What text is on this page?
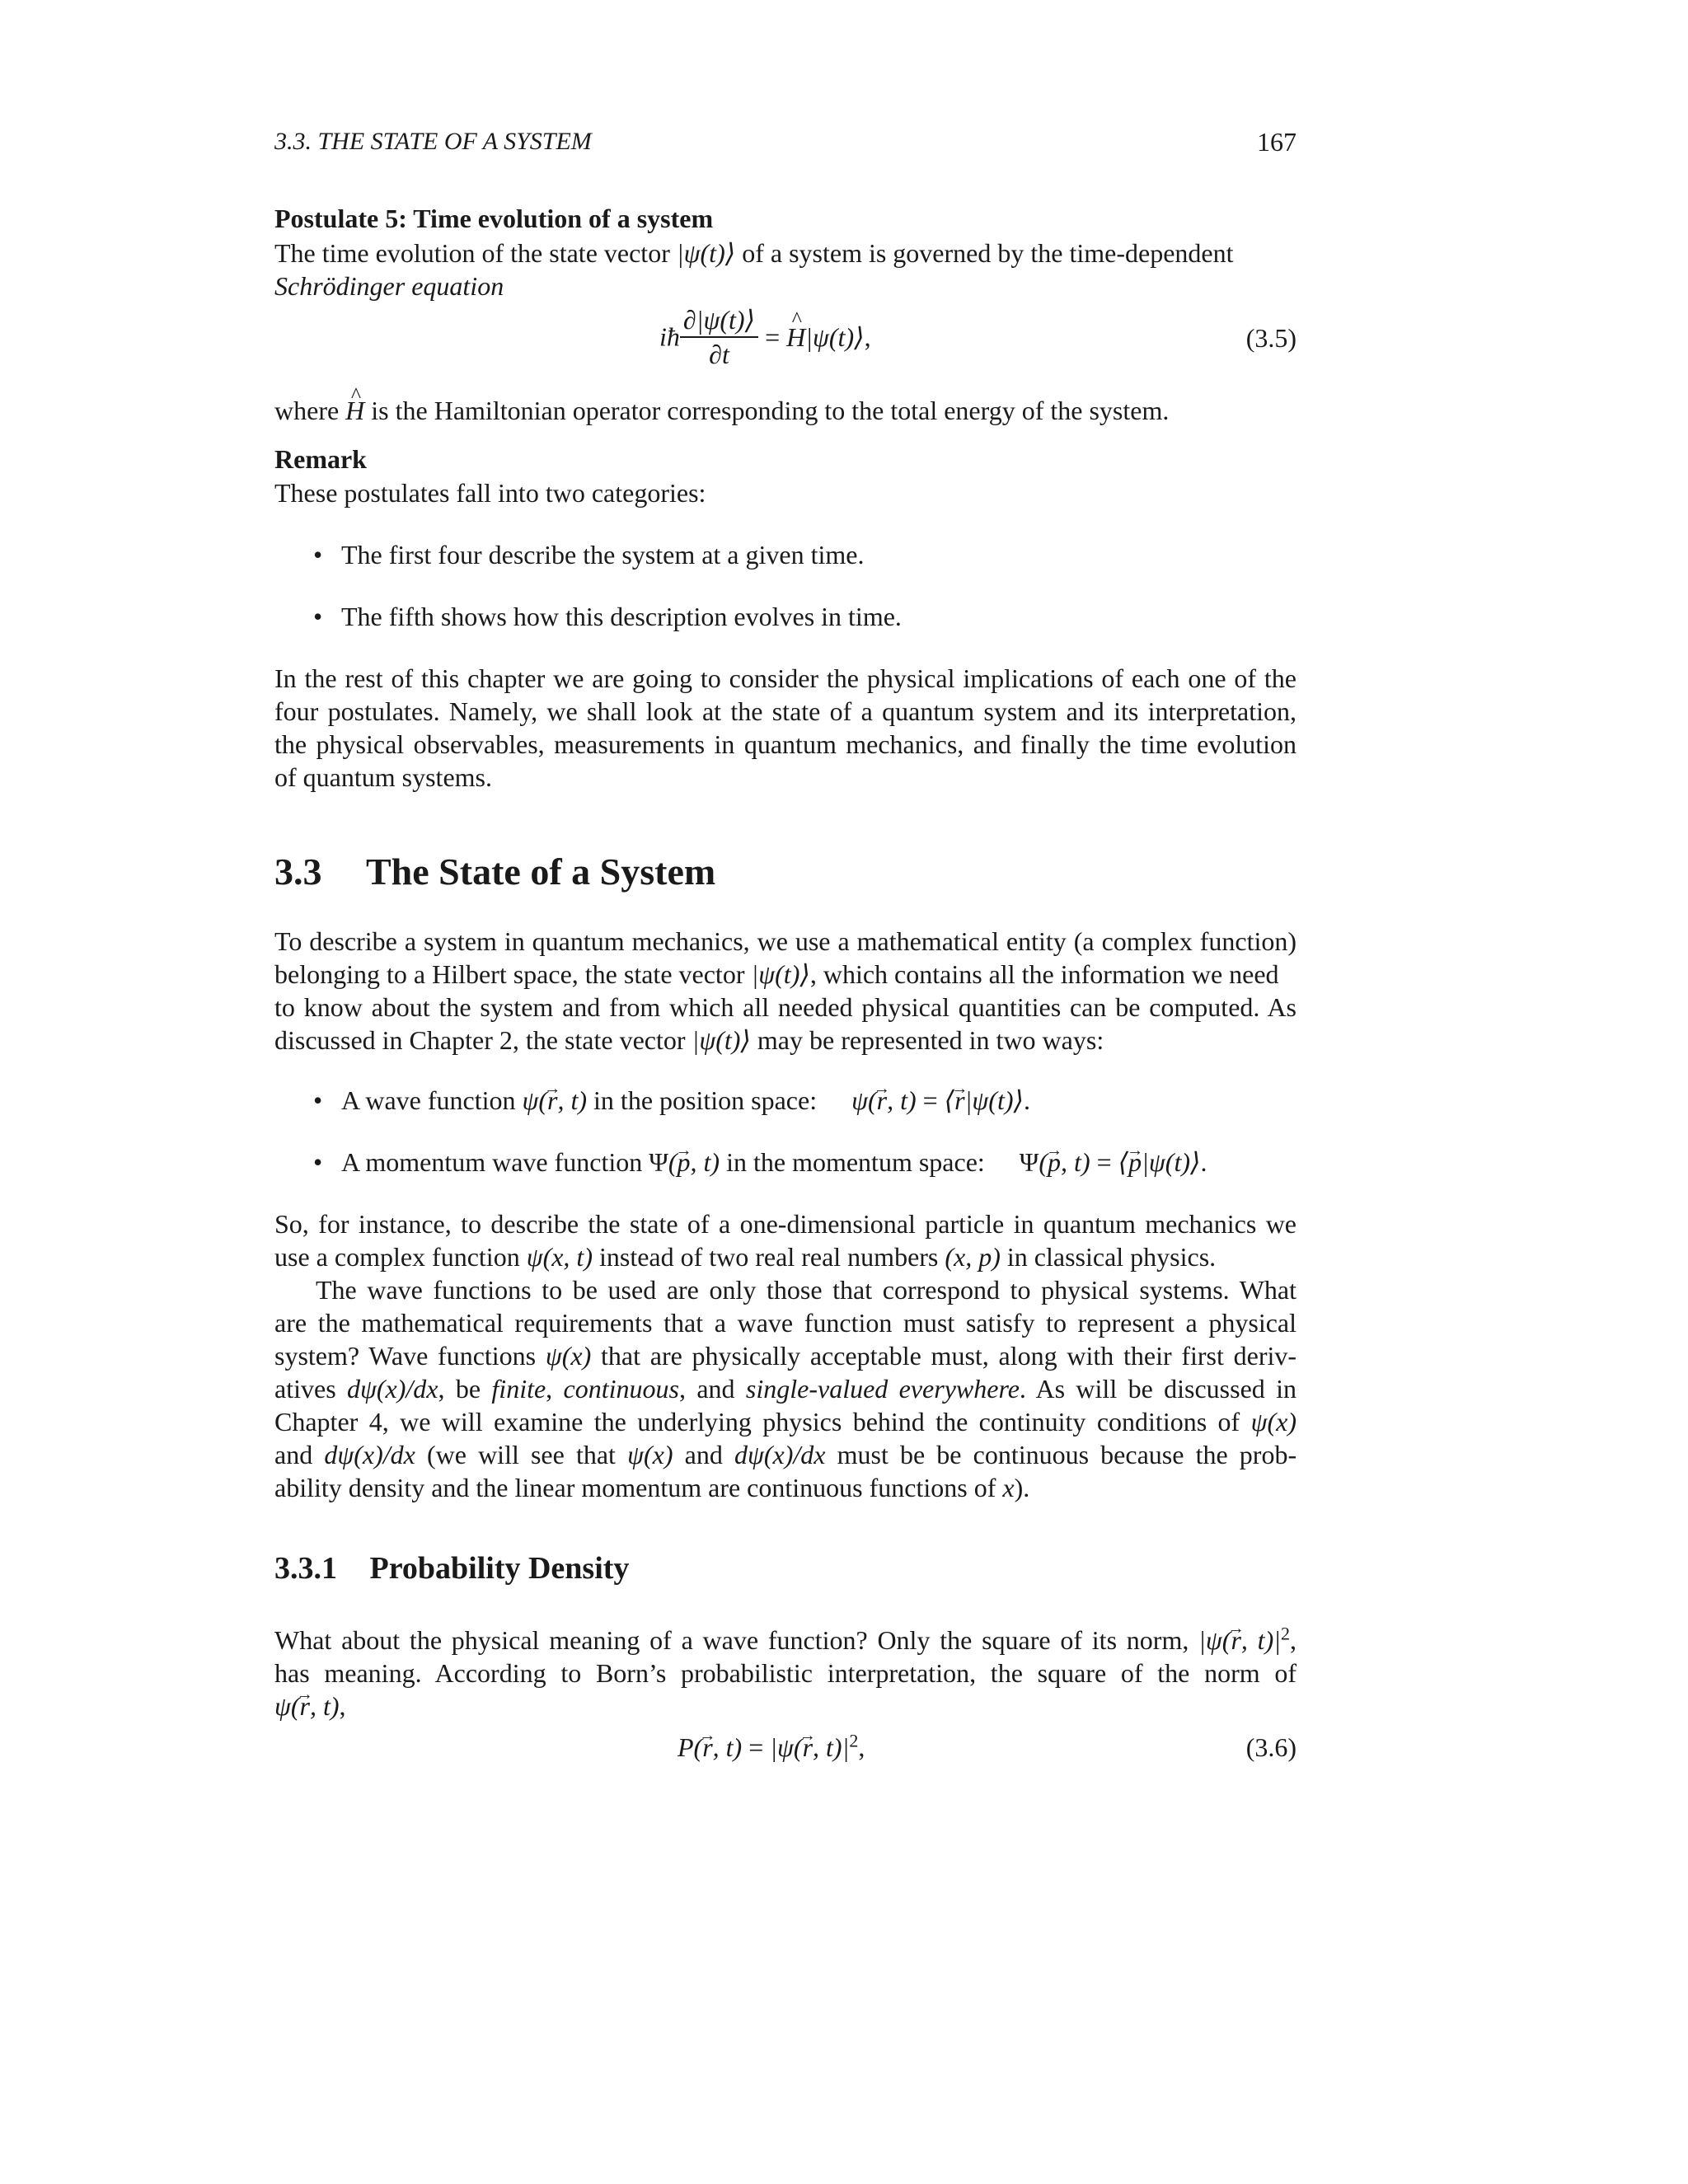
3.3. THE STATE OF A SYSTEM	167
Postulate 5: Time evolution of a system
The time evolution of the state vector |ψ(t)⟩ of a system is governed by the time-dependent
Schrödinger equation
iħ $\frac{\partial|\psi(t)⟩}{\partial t} = H$ ^|ψ(t)⟩,	(3.5)
where H ^ is the Hamiltonian operator corresponding to the total energy of the system.
Remark
These postulates fall into two categories:
• The first four describe the system at a given time.
• The fifth shows how this description evolves in time.
In the rest of this chapter we are going to consider the physical implications of each one of the
four postulates. Namely, we shall look at the state of a quantum system and its interpretation,
the physical observables, measurements in quantum mechanics, and finally the time evolution
of quantum systems.
3.3 The State of a System
To describe a system in quantum mechanics, we use a mathematical entity (a complex function)
belonging to a Hilbert space, the state vector |ψ(t)⟩, which contains all the information we need
to know about the system and from which all needed physical quantities can be computed. As
discussed in Chapter 2, the state vector |ψ(t)⟩ may be represented in two ways:
• A wave function ψ(r →, t) in the position space: ψ(r →, t) = ⟨r →|ψ(t)⟩.
• A momentum wave function Ψ(p →, t) in the momentum space: Ψ(p →, t) = ⟨p →|ψ(t)⟩.
So, for instance, to describe the state of a one-dimensional particle in quantum mechanics we
use a complex function ψ(x, t) instead of two real real numbers (x, p) in classical physics.
The wave functions to be used are only those that correspond to physical systems. What
are the mathematical requirements that a wave function must satisfy to represent a physical
system? Wave functions ψ(x) that are physically acceptable must, along with their first deriv-
atives dψ(x)/dx, be finite, continuous, and single-valued everywhere. As will be discussed in
Chapter 4, we will examine the underlying physics behind the continuity conditions of ψ(x)
and dψ(x)/dx (we will see that ψ(x) and dψ(x)/dx must be be continuous because the prob-
ability density and the linear momentum are continuous functions of x).
3.3.1 Probability Density
What about the physical meaning of a wave function? Only the square of its norm, |ψ(r →, $t)|^2$,
has meaning. According to Born’s probabilistic interpretation, the square of the norm of
ψ(r →, t),
P(r →, t) = |ψ(r →, $t)|^2$,	(3.6)
